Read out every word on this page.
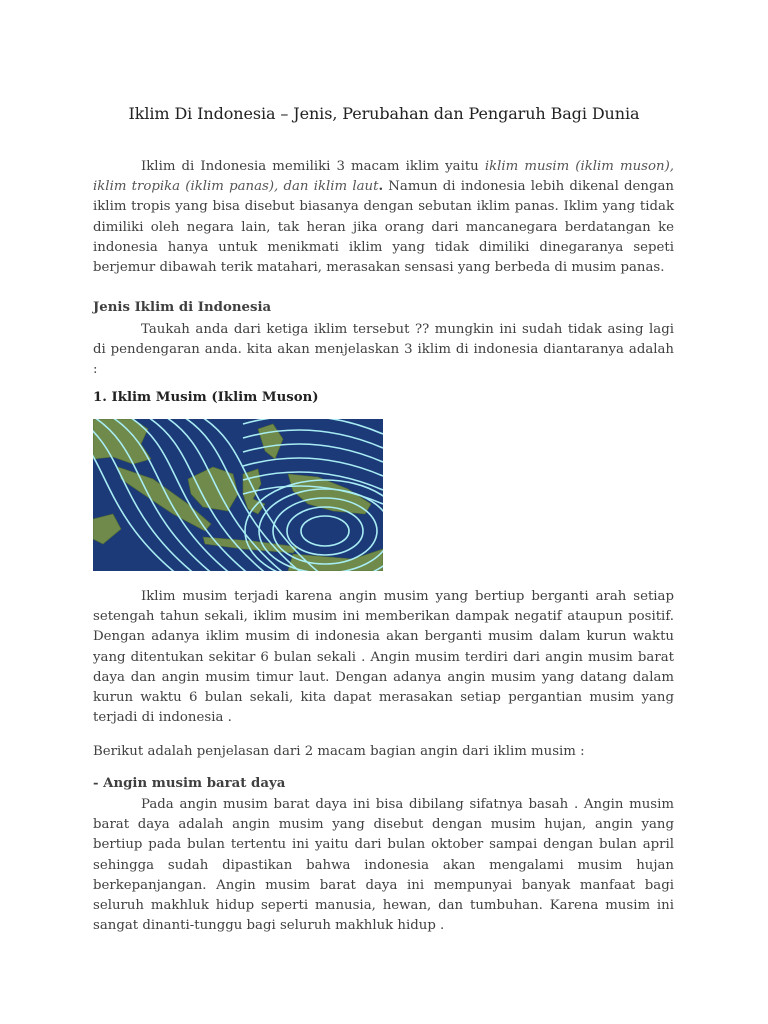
Iklim Di Indonesia – Jenis, Perubahan dan Pengaruh Bagi Dunia

Iklim di Indonesia memiliki 3 macam iklim yaitu iklim musim (iklim muson), iklim tropika (iklim panas), dan iklim laut. Namun di indonesia lebih dikenal dengan iklim tropis yang bisa disebut biasanya dengan sebutan iklim panas. Iklim yang tidak dimiliki oleh negara lain, tak heran jika orang dari mancanegara berdatangan ke indonesia hanya untuk menikmati iklim yang tidak dimiliki dinegaranya sepeti berjemur dibawah terik matahari, merasakan sensasi yang berbeda di musim panas.

Jenis Iklim di Indonesia

Taukah anda dari ketiga iklim tersebut ?? mungkin ini sudah tidak asing lagi di pendengaran anda. kita akan menjelaskan 3 iklim di indonesia diantaranya adalah :

1. Iklim Musim (Iklim Muson)

Iklim musim terjadi karena angin musim yang bertiup berganti arah setiap setengah tahun sekali, iklim musim ini memberikan dampak negatif ataupun positif. Dengan adanya iklim musim di indonesia akan berganti musim dalam kurun waktu yang ditentukan sekitar 6 bulan sekali . Angin musim terdiri dari angin musim barat daya dan angin musim timur laut. Dengan adanya angin musim yang datang dalam kurun waktu 6 bulan sekali, kita dapat merasakan setiap pergantian musim yang terjadi di indonesia .

Berikut adalah penjelasan dari 2 macam bagian angin dari iklim musim :

- Angin musim barat daya

Pada angin musim barat daya ini bisa dibilang sifatnya basah . Angin musim barat daya adalah angin musim yang disebut dengan musim hujan, angin yang bertiup pada bulan tertentu ini yaitu dari bulan oktober sampai dengan bulan april sehingga sudah dipastikan bahwa indonesia akan mengalami musim hujan berkepanjangan. Angin musim barat daya ini mempunyai banyak manfaat bagi seluruh makhluk hidup seperti manusia, hewan, dan tumbuhan. Karena musim ini sangat dinanti-tunggu bagi seluruh makhluk hidup .
